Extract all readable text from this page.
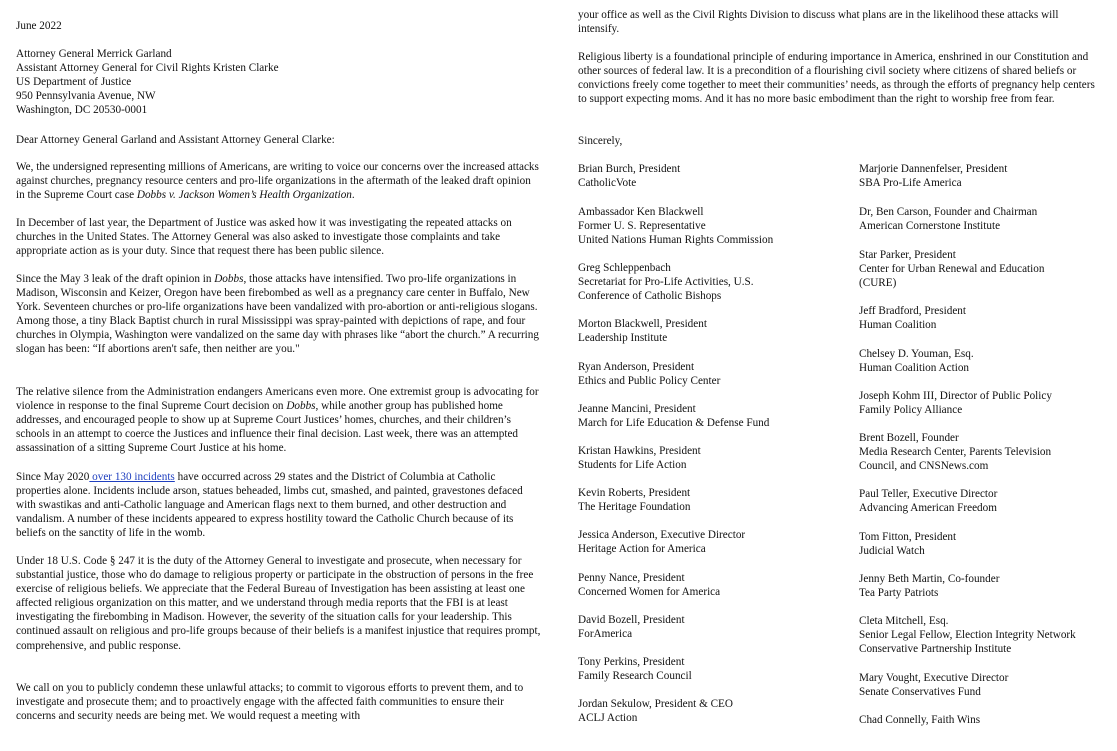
June 2022

Attorney General Merrick Garland
Assistant Attorney General for Civil Rights Kristen Clarke
US Department of Justice
950 Pennsylvania Avenue, NW
Washington, DC 20530-0001

Dear Attorney General Garland and Assistant Attorney General Clarke:

We, the undersigned representing millions of Americans, are writing to voice our concerns over the increased attacks against churches, pregnancy resource centers and pro-life organizations in the aftermath of the leaked draft opinion in the Supreme Court case Dobbs v. Jackson Women’s Health Organization.

In December of last year, the Department of Justice was asked how it was investigating the repeated attacks on churches in the United States. The Attorney General was also asked to investigate those complaints and take appropriate action as is your duty. Since that request there has been public silence.

Since the May 3 leak of the draft opinion in Dobbs, those attacks have intensified. Two pro-life organizations in Madison, Wisconsin and Keizer, Oregon have been firebombed as well as a pregnancy care center in Buffalo, New York. Seventeen churches or pro-life organizations have been vandalized with pro-abortion or anti-religious slogans. Among those, a tiny Black Baptist church in rural Mississippi was spray-painted with depictions of rape, and four churches in Olympia, Washington were vandalized on the same day with phrases like “abort the church.” A recurring slogan has been: “If abortions aren't safe, then neither are you."

The relative silence from the Administration endangers Americans even more. One extremist group is advocating for violence in response to the final Supreme Court decision on Dobbs, while another group has published home addresses, and encouraged people to show up at Supreme Court Justices’ homes, churches, and their children’s schools in an attempt to coerce the Justices and influence their final decision. Last week, there was an attempted assassination of a sitting Supreme Court Justice at his home.

Since May 2020 over 130 incidents have occurred across 29 states and the District of Columbia at Catholic properties alone. Incidents include arson, statues beheaded, limbs cut, smashed, and painted, gravestones defaced with swastikas and anti-Catholic language and American flags next to them burned, and other destruction and vandalism. A number of these incidents appeared to express hostility toward the Catholic Church because of its beliefs on the sanctity of life in the womb.

Under 18 U.S. Code § 247 it is the duty of the Attorney General to investigate and prosecute, when necessary for substantial justice, those who do damage to religious property or participate in the obstruction of persons in the free exercise of religious beliefs. We appreciate that the Federal Bureau of Investigation has been assisting at least one affected religious organization on this matter, and we understand through media reports that the FBI is at least investigating the firebombing in Madison. However, the severity of the situation calls for your leadership. This continued assault on religious and pro-life groups because of their beliefs is a manifest injustice that requires prompt, comprehensive, and public response.

We call on you to publicly condemn these unlawful attacks; to commit to vigorous efforts to prevent them, and to investigate and prosecute them; and to proactively engage with the affected faith communities to ensure their concerns and security needs are being met. We would request a meeting with

your office as well as the Civil Rights Division to discuss what plans are in the likelihood these attacks will intensify.

Religious liberty is a foundational principle of enduring importance in America, enshrined in our Constitution and other sources of federal law. It is a precondition of a flourishing civil society where citizens of shared beliefs or convictions freely come together to meet their communities’ needs, as through the efforts of pregnancy help centers to support expecting moms. And it has no more basic embodiment than the right to worship free from fear.

Sincerely,

Brian Burch, President
CatholicVote
Ambassador Ken Blackwell
Former U. S. Representative
United Nations Human Rights Commission
Greg Schleppenbach
Secretariat for Pro-Life Activities, U.S.
Conference of Catholic Bishops
Morton Blackwell, President
Leadership Institute
Ryan Anderson, President
Ethics and Public Policy Center
Jeanne Mancini, President
March for Life Education & Defense Fund
Kristan Hawkins, President
Students for Life Action
Kevin Roberts, President
The Heritage Foundation
Jessica Anderson, Executive Director
Heritage Action for America
Penny Nance, President
Concerned Women for America
David Bozell, President
ForAmerica
Tony Perkins, President
Family Research Council
Jordan Sekulow, President & CEO
ACLJ Action
Marjorie Dannenfelser, President
SBA Pro-Life America
Dr, Ben Carson, Founder and Chairman
American Cornerstone Institute
Star Parker, President
Center for Urban Renewal and Education
(CURE)
Jeff Bradford, President
Human Coalition
Chelsey D. Youman, Esq.
Human Coalition Action
Joseph Kohm III, Director of Public Policy
Family Policy Alliance
Brent Bozell, Founder
Media Research Center, Parents Television
Council, and CNSNews.com
Paul Teller, Executive Director
Advancing American Freedom
Tom Fitton, President
Judicial Watch
Jenny Beth Martin, Co-founder
Tea Party Patriots
Cleta Mitchell, Esq.
Senior Legal Fellow, Election Integrity Network
Conservative Partnership Institute
Mary Vought, Executive Director
Senate Conservatives Fund
Chad Connelly, Faith Wins
